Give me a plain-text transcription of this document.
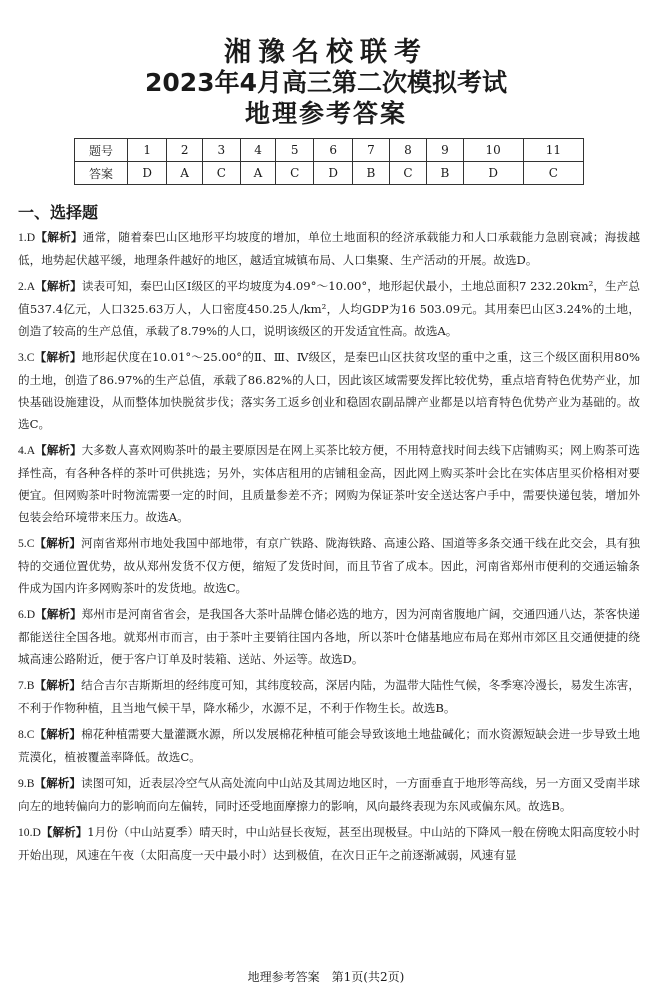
湘豫名校联考
2023年4月高三第二次模拟考试
地理参考答案
题号	1	2	3	4	5	6	7	8	9	10	11
答案	D	A	C	A	C	D	B	C	B	D	C
一、选择题
1.D【解析】通常，随着秦巴山区地形平均坡度的增加，单位土地面积的经济承载能力和人口承载能力急剧衰减；海拔越低，地势起伏越平缓，地理条件越好的地区，越适宜城镇布局、人口集聚、生产活动的开展。故选D。
2.A【解析】读表可知，秦巴山区Ⅰ级区的平均坡度为4.09°～10.00°，地形起伏最小，土地总面积7 232.20km²，生产总值537.4亿元，人口325.63万人，人口密度450.25人/km²，人均GDP为16 503.09元。其用秦巴山区3.24%的土地，创造了较高的生产总值，承载了8.79%的人口，说明该级区的开发适宜性高。故选A。
3.C【解析】地形起伏度在10.01°～25.00°的Ⅱ、Ⅲ、Ⅳ级区，是秦巴山区扶贫攻坚的重中之重，这三个级区面积用80%的土地，创造了86.97%的生产总值，承载了86.82%的人口，因此该区域需要发挥比较优势，重点培育特色优势产业，加快基础设施建设，从而整体加快脱贫步伐；落实务工返乡创业和稳固农副品牌产业都是以培育特色优势产业为基础的。故选C。
4.A【解析】大多数人喜欢网购茶叶的最主要原因是在网上买茶比较方便，不用特意找时间去线下店铺购买；网上购茶可选择性高，有各种各样的茶叶可供挑选；另外，实体店租用的店铺租金高，因此网上购买茶叶会比在实体店里买价格相对要便宜。但网购茶叶时物流需要一定的时间，且质量参差不齐；网购为保证茶叶安全送达客户手中，需要快递包装，增加外包装会给环境带来压力。故选A。
5.C【解析】河南省郑州市地处我国中部地带，有京广铁路、陇海铁路、高速公路、国道等多条交通干线在此交会，具有独特的交通位置优势，故从郑州发货不仅方便，缩短了发货时间，而且节省了成本。因此，河南省郑州市便利的交通运输条件成为国内许多网购茶叶的发货地。故选C。
6.D【解析】郑州市是河南省省会，是我国各大茶叶品牌仓储必选的地方，因为河南省腹地广阔，交通四通八达，茶客快递都能送往全国各地。就郑州市而言，由于茶叶主要销往国内各地，所以茶叶仓储基地应布局在郑州市郊区且交通便捷的绕城高速公路附近，便于客户订单及时装箱、送站、外运等。故选D。
7.B【解析】结合吉尔吉斯斯坦的经纬度可知，其纬度较高，深居内陆，为温带大陆性气候，冬季寒冷漫长，易发生冻害，不利于作物种植，且当地气候干旱，降水稀少，水源不足，不利于作物生长。故选B。
8.C【解析】棉花种植需要大量灌溉水源，所以发展棉花种植可能会导致该地土地盐碱化；而水资源短缺会进一步导致土地荒漠化，植被覆盖率降低。故选C。
9.B【解析】读图可知，近表层冷空气从高处流向中山站及其周边地区时，一方面垂直于地形等高线，另一方面又受南半球向左的地转偏向力的影响而向左偏转，同时还受地面摩擦力的影响，风向最终表现为东风或偏东风。故选B。
10.D【解析】1月份（中山站夏季）晴天时，中山站昼长夜短，甚至出现极昼。中山站的下降风一般在傍晚太阳高度较小时开始出现，风速在午夜（太阳高度一天中最小时）达到极值，在次日正午之前逐渐减弱，风速有显
地理参考答案　第1页(共2页)
